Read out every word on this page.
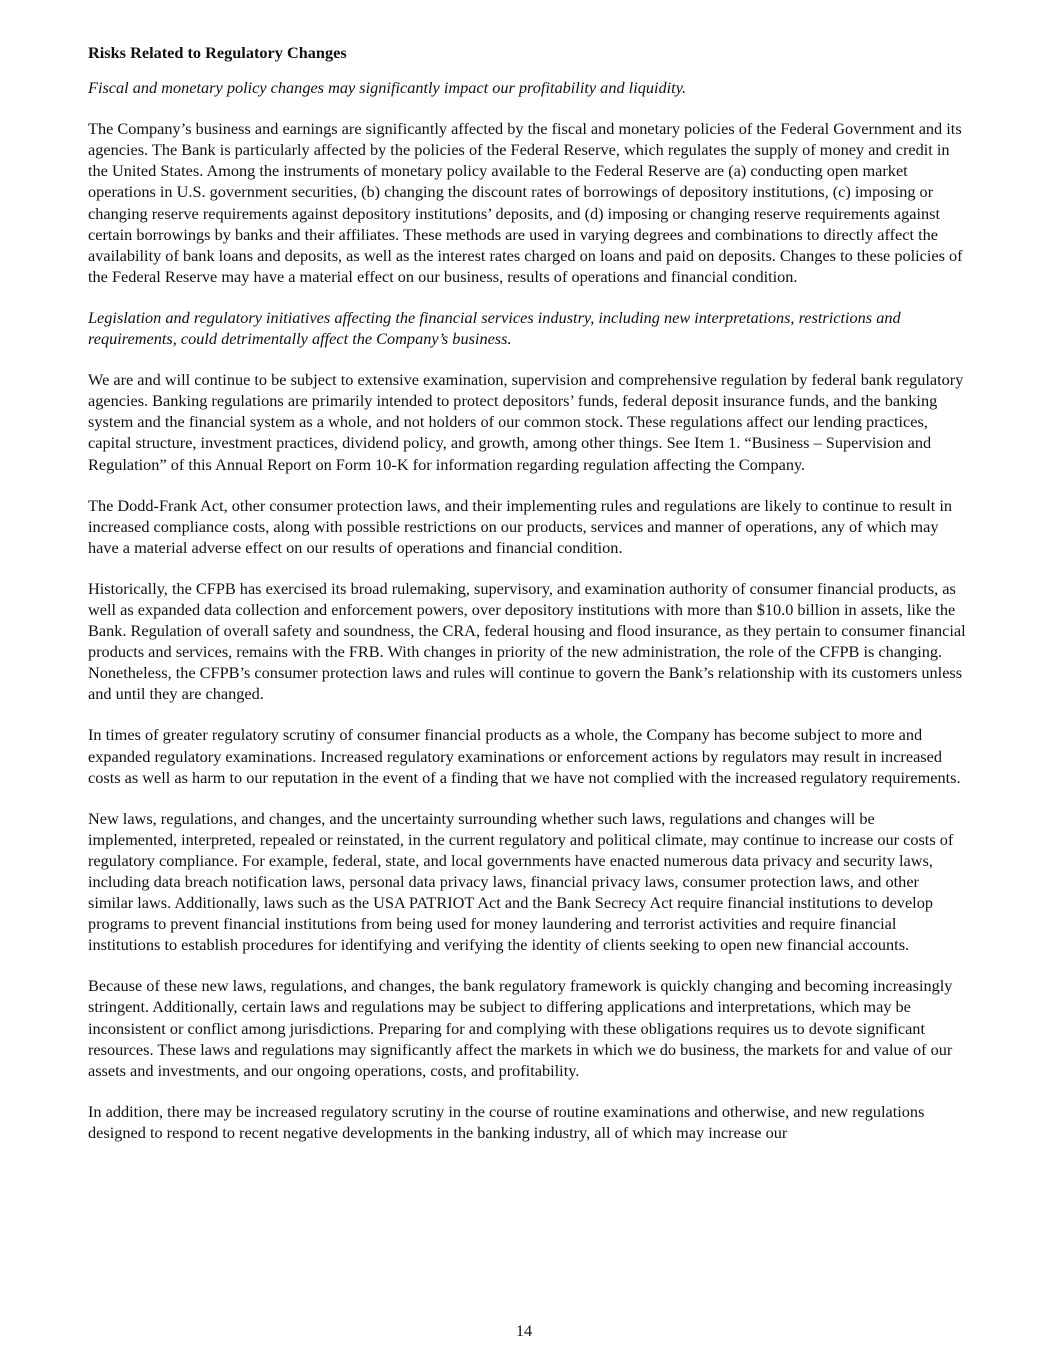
Risks Related to Regulatory Changes
Fiscal and monetary policy changes may significantly impact our profitability and liquidity.
The Company’s business and earnings are significantly affected by the fiscal and monetary policies of the Federal Government and its agencies. The Bank is particularly affected by the policies of the Federal Reserve, which regulates the supply of money and credit in the United States. Among the instruments of monetary policy available to the Federal Reserve are (a) conducting open market operations in U.S. government securities, (b) changing the discount rates of borrowings of depository institutions, (c) imposing or changing reserve requirements against depository institutions’ deposits, and (d) imposing or changing reserve requirements against certain borrowings by banks and their affiliates. These methods are used in varying degrees and combinations to directly affect the availability of bank loans and deposits, as well as the interest rates charged on loans and paid on deposits. Changes to these policies of the Federal Reserve may have a material effect on our business, results of operations and financial condition.
Legislation and regulatory initiatives affecting the financial services industry, including new interpretations, restrictions and requirements, could detrimentally affect the Company’s business.
We are and will continue to be subject to extensive examination, supervision and comprehensive regulation by federal bank regulatory agencies. Banking regulations are primarily intended to protect depositors’ funds, federal deposit insurance funds, and the banking system and the financial system as a whole, and not holders of our common stock. These regulations affect our lending practices, capital structure, investment practices, dividend policy, and growth, among other things. See Item 1. “Business – Supervision and Regulation” of this Annual Report on Form 10-K for information regarding regulation affecting the Company.
The Dodd-Frank Act, other consumer protection laws, and their implementing rules and regulations are likely to continue to result in increased compliance costs, along with possible restrictions on our products, services and manner of operations, any of which may have a material adverse effect on our results of operations and financial condition.
Historically, the CFPB has exercised its broad rulemaking, supervisory, and examination authority of consumer financial products, as well as expanded data collection and enforcement powers, over depository institutions with more than $10.0 billion in assets, like the Bank. Regulation of overall safety and soundness, the CRA, federal housing and flood insurance, as they pertain to consumer financial products and services, remains with the FRB. With changes in priority of the new administration, the role of the CFPB is changing. Nonetheless, the CFPB’s consumer protection laws and rules will continue to govern the Bank’s relationship with its customers unless and until they are changed.
In times of greater regulatory scrutiny of consumer financial products as a whole, the Company has become subject to more and expanded regulatory examinations. Increased regulatory examinations or enforcement actions by regulators may result in increased costs as well as harm to our reputation in the event of a finding that we have not complied with the increased regulatory requirements.
New laws, regulations, and changes, and the uncertainty surrounding whether such laws, regulations and changes will be implemented, interpreted, repealed or reinstated, in the current regulatory and political climate, may continue to increase our costs of regulatory compliance. For example, federal, state, and local governments have enacted numerous data privacy and security laws, including data breach notification laws, personal data privacy laws, financial privacy laws, consumer protection laws, and other similar laws. Additionally, laws such as the USA PATRIOT Act and the Bank Secrecy Act require financial institutions to develop programs to prevent financial institutions from being used for money laundering and terrorist activities and require financial institutions to establish procedures for identifying and verifying the identity of clients seeking to open new financial accounts.
Because of these new laws, regulations, and changes, the bank regulatory framework is quickly changing and becoming increasingly stringent. Additionally, certain laws and regulations may be subject to differing applications and interpretations, which may be inconsistent or conflict among jurisdictions. Preparing for and complying with these obligations requires us to devote significant resources. These laws and regulations may significantly affect the markets in which we do business, the markets for and value of our assets and investments, and our ongoing operations, costs, and profitability.
In addition, there may be increased regulatory scrutiny in the course of routine examinations and otherwise, and new regulations designed to respond to recent negative developments in the banking industry, all of which may increase our
14
